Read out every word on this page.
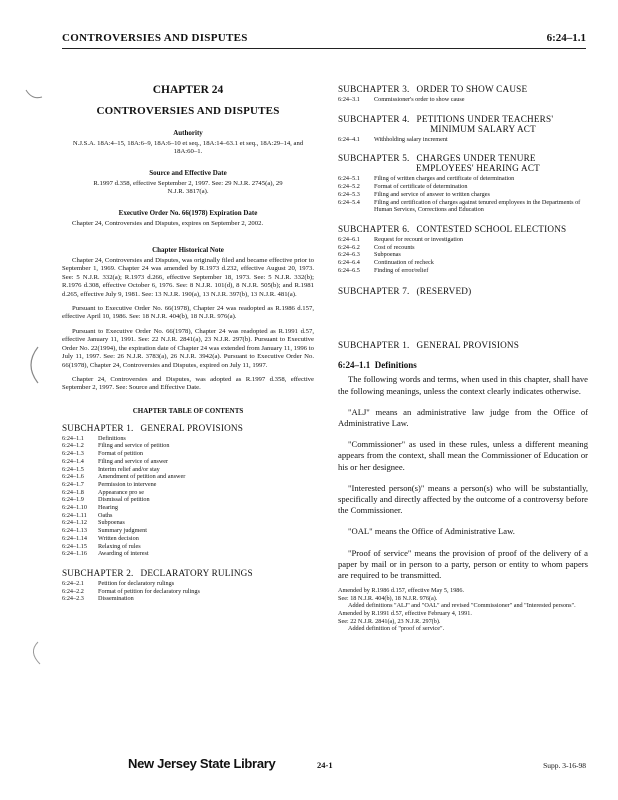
CONTROVERSIES AND DISPUTES	6:24–1.1
CHAPTER 24
CONTROVERSIES AND DISPUTES
Authority
N.J.S.A. 18A:4–15, 18A:6–9, 18A:6–10 et seq., 18A:14–63.1 et seq., 18A:29–14, and 18A:60–1.
Source and Effective Date
R.1997 d.358, effective September 2, 1997. See: 29 N.J.R. 2745(a), 29 N.J.R. 3817(a).
Executive Order No. 66(1978) Expiration Date
Chapter 24, Controversies and Disputes, expires on September 2, 2002.
Chapter Historical Note
Chapter 24, Controversies and Disputes, was originally filed and became effective prior to September 1, 1969. Chapter 24 was amended by R.1973 d.232, effective August 20, 1973. See: 5 N.J.R. 332(a); R.1973 d.266, effective September 18, 1973. See: 5 N.J.R. 332(b); R.1976 d.308, effective October 6, 1976. See: 8 N.J.R. 101(d), 8 N.J.R. 505(b); and R.1981 d.265, effective July 9, 1981. See: 13 N.J.R. 190(a), 13 N.J.R. 397(b), 13 N.J.R. 481(a).
Pursuant to Executive Order No. 66(1978), Chapter 24 was readopted as R.1986 d.157, effective April 10, 1986. See: 18 N.J.R. 404(b), 18 N.J.R. 976(a).
Pursuant to Executive Order No. 66(1978), Chapter 24 was readopted as R.1991 d.57, effective January 11, 1991. See: 22 N.J.R. 2841(a), 23 N.J.R. 297(b). Pursuant to Executive Order No. 22(1994), the expiration date of Chapter 24 was extended from January 11, 1996 to July 11, 1997. See: 26 N.J.R. 3783(a), 26 N.J.R. 3942(a). Pursuant to Executive Order No. 66(1978), Chapter 24, Controversies and Disputes, expired on July 11, 1997.
Chapter 24, Controversies and Disputes, was adopted as R.1997 d.358, effective September 2, 1997. See: Source and Effective Date.
CHAPTER TABLE OF CONTENTS
SUBCHAPTER 1. GENERAL PROVISIONS
6:24–1.1	Definitions
6:24–1.2	Filing and service of petition
6:24–1.3	Format of petition
6:24–1.4	Filing and service of answer
6:24–1.5	Interim relief and/or stay
6:24–1.6	Amendment of petition and answer
6:24–1.7	Permission to intervene
6:24–1.8	Appearance pro se
6:24–1.9	Dismissal of petition
6:24–1.10	Hearing
6:24–1.11	Oaths
6:24–1.12	Subpoenas
6:24–1.13	Summary judgment
6:24–1.14	Written decision
6:24–1.15	Relaxing of rules
6:24–1.16	Awarding of interest
SUBCHAPTER 2. DECLARATORY RULINGS
6:24–2.1	Petition for declaratory rulings
6:24–2.2	Format of petition for declaratory rulings
6:24–2.3	Dissemination
SUBCHAPTER 3. ORDER TO SHOW CAUSE
6:24–3.1	Commissioner's order to show cause
SUBCHAPTER 4. PETITIONS UNDER TEACHERS'
MINIMUM SALARY ACT
6:24–4.1	Withholding salary increment
SUBCHAPTER 5. CHARGES UNDER TENURE
EMPLOYEES' HEARING ACT
6:24–5.1	Filing of written charges and certificate of determination
6:24–5.2	Format of certificate of determination
6:24–5.3	Filing and service of answer to written charges
6:24–5.4	Filing and certification of charges against tenured employees in the Departments of Human Services, Corrections and Education
SUBCHAPTER 6. CONTESTED SCHOOL ELECTIONS
6:24–6.1	Request for recount or investigation
6:24–6.2	Cost of recounts
6:24–6.3	Subpoenas
6:24–6.4	Continuation of recheck
6:24–6.5	Finding of error/relief
SUBCHAPTER 7. (RESERVED)
SUBCHAPTER 1. GENERAL PROVISIONS
6:24–1.1 Definitions
The following words and terms, when used in this chapter, shall have the following meanings, unless the context clearly indicates otherwise.
"ALJ" means an administrative law judge from the Office of Administrative Law.
"Commissioner" as used in these rules, unless a different meaning appears from the context, shall mean the Commissioner of Education or his or her designee.
"Interested person(s)" means a person(s) who will be substantially, specifically and directly affected by the outcome of a controversy before the Commissioner.
"OAL" means the Office of Administrative Law.
"Proof of service" means the provision of proof of the delivery of a paper by mail or in person to a party, person or entity to whom papers are required to be transmitted.
Amended by R.1986 d.157, effective May 5, 1986.
See: 18 N.J.R. 404(b), 18 N.J.R. 976(a).
Added definitions "ALJ" and "OAL" and revised "Commissioner" and "Interested persons".
Amended by R.1991 d.57, effective February 4, 1991.
See: 22 N.J.R. 2841(a), 23 N.J.R. 297(b).
Added definition of "proof of service".
New Jersey State Library	24-1	Supp. 3-16-98
